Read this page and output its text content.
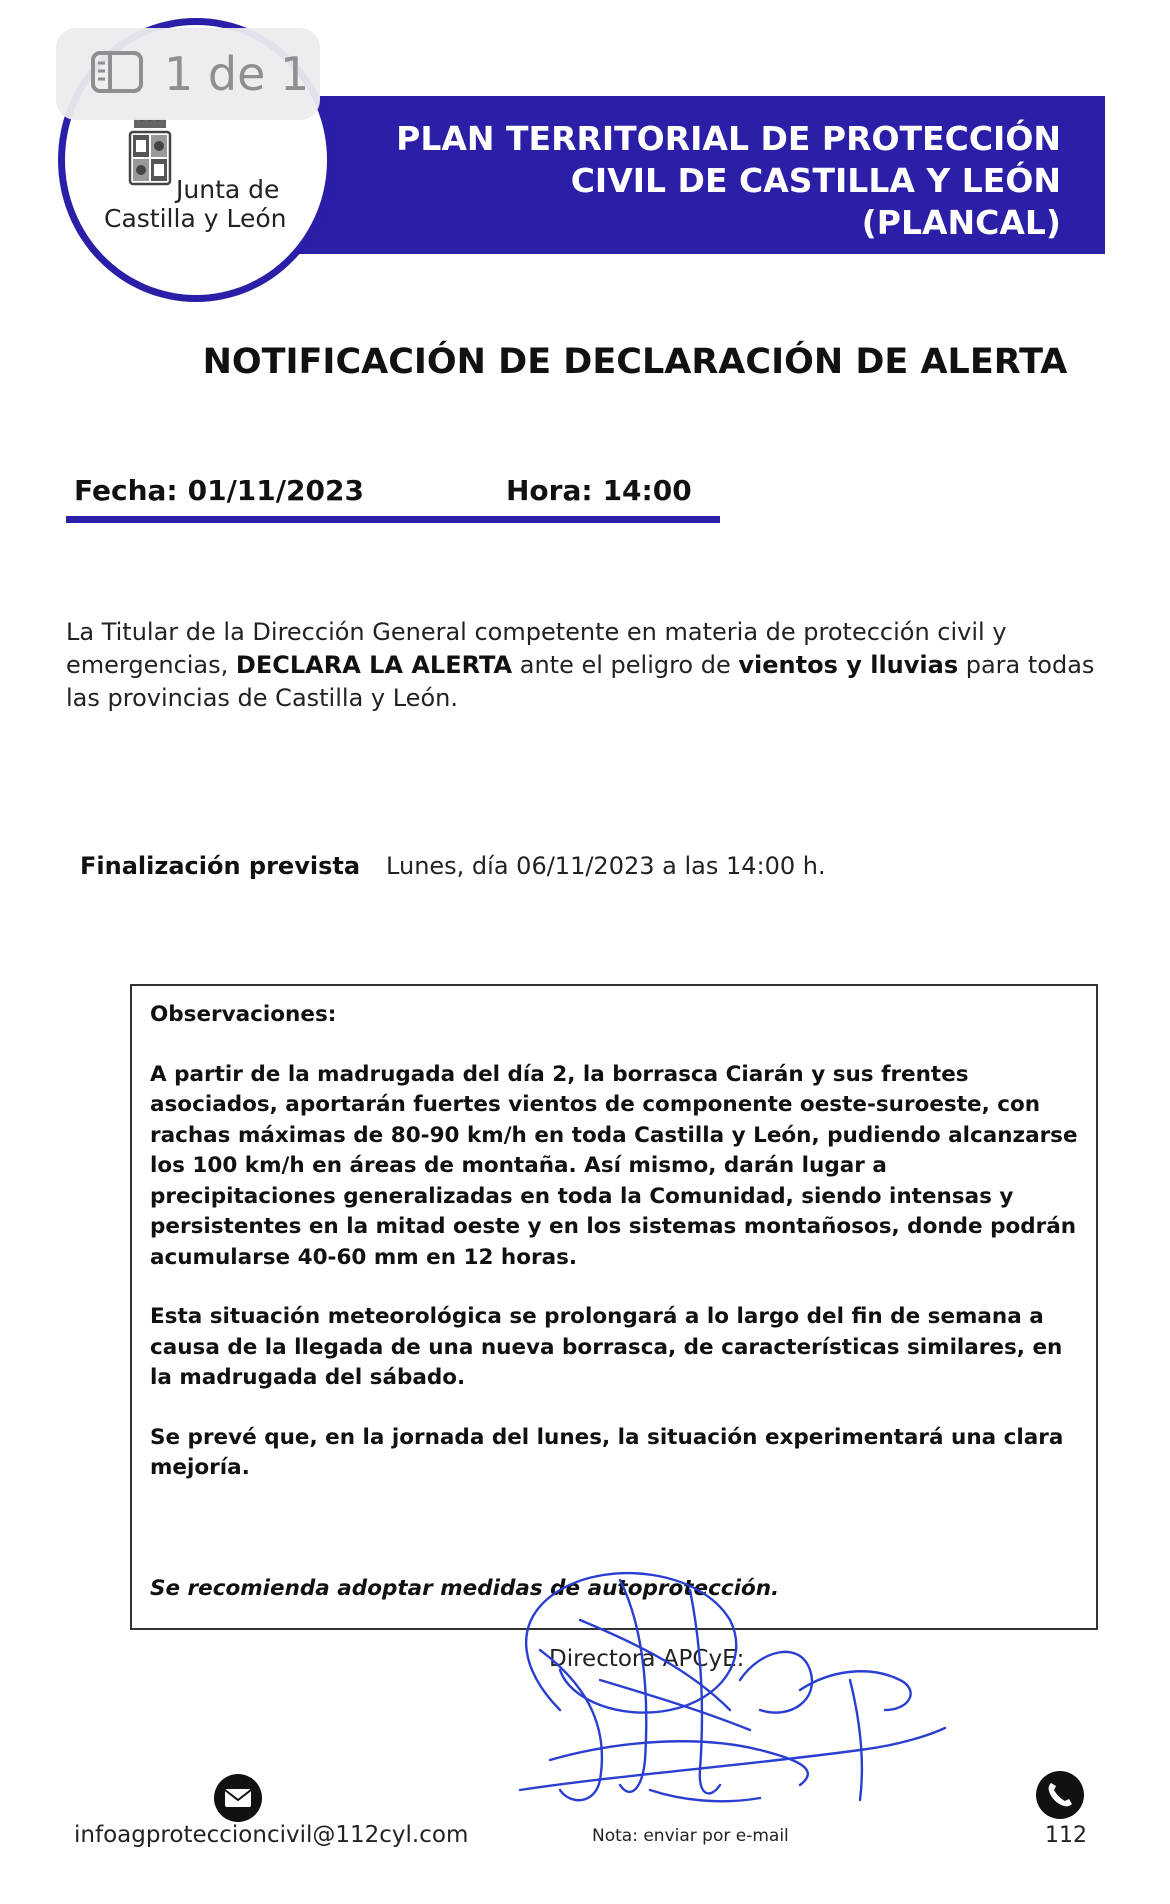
PLAN TERRITORIAL DE PROTECCIÓN
CIVIL DE CASTILLA Y LEÓN
(PLANCAL)
Junta de
Castilla y León
1 de 1
NOTIFICACIÓN DE DECLARACIÓN DE ALERTA
Fecha: 01/11/2023	Hora: 14:00
La Titular de la Dirección General competente en materia de protección civil y emergencias, DECLARA LA ALERTA ante el peligro de vientos y lluvias para todas las provincias de Castilla y León.
Finalización prevista Lunes, día 06/11/2023 a las 14:00 h.

Observaciones:

A partir de la madrugada del día 2, la borrasca Ciarán y sus frentes asociados, aportarán fuertes vientos de componente oeste-suroeste, con rachas máximas de 80-90 km/h en toda Castilla y León, pudiendo alcanzarse los 100 km/h en áreas de montaña. Así mismo, darán lugar a precipitaciones generalizadas en toda la Comunidad, siendo intensas y persistentes en la mitad oeste y en los sistemas montañosos, donde podrán acumularse 40-60 mm en 12 horas.

Esta situación meteorológica se prolongará a lo largo del fin de semana a causa de la llegada de una nueva borrasca, de características similares, en la madrugada del sábado.

Se prevé que, en la jornada del lunes, la situación experimentará una clara mejoría.

Se recomienda adoptar medidas de autoprotección.

Directora APCyE:
infoagproteccioncivil@112cyl.com	Nota: enviar por e-mail	112
